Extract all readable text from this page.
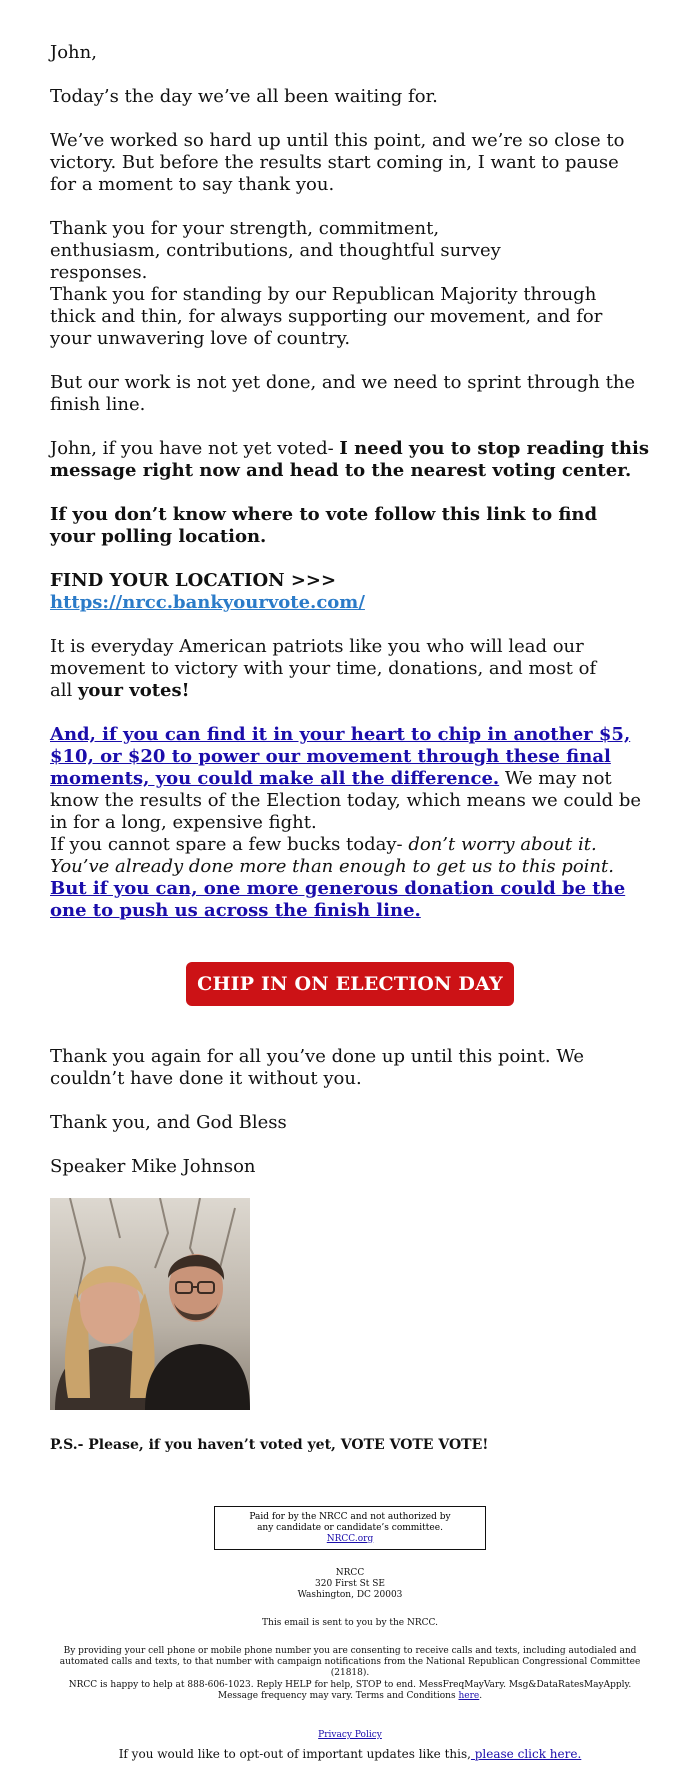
John,

Today’s the day we’ve all been waiting for.

We’ve worked so hard up until this point, and we’re so close to victory. But before the results start coming in, I want to pause for a moment to say thank you.

Thank you for your strength, commitment, enthusiasm, contributions, and thoughtful survey responses.

Thank you for standing by our Republican Majority through thick and thin, for always supporting our movement, and for your unwavering love of country.

But our work is not yet done, and we need to sprint through the finish line.

John, if you have not yet voted- I need you to stop reading this message right now and head to the nearest voting center.

If you don’t know where to vote follow this link to find your polling location.

FIND YOUR LOCATION >>>

https://nrcc.bankyourvote.com/

It is everyday American patriots like you who will lead our movement to victory with your time, donations, and most of all your votes!

And, if you can find it in your heart to chip in another $5, $10, or $20 to power our movement through these final moments, you could make all the difference. We may not know the results of the Election today, which means we could be in for a long, expensive fight.

If you cannot spare a few bucks today- don’t worry about it. You’ve already done more than enough to get us to this point. But if you can, one more generous donation could be the one to push us across the finish line.

CHIP IN ON ELECTION DAY

Thank you again for all you’ve done up until this point. We couldn’t have done it without you.

Thank you, and God Bless

Speaker Mike Johnson

P.S.- Please, if you haven’t voted yet, VOTE VOTE VOTE!

Paid for by the NRCC and not authorized by any candidate or candidate’s committee. NRCC.org
NRCC
320 First St SE
Washington, DC 20003
This email is sent to you by the NRCC.
By providing your cell phone or mobile phone number you are consenting to receive calls and texts, including autodialed and automated calls and texts, to that number with campaign notifications from the National Republican Congressional Committee (21818).
NRCC is happy to help at 888-606-1023. Reply HELP for help, STOP to end. MessFreqMayVary. Msg&DataRatesMayApply. Message frequency may vary. Terms and Conditions here.
Privacy Policy
If you would like to opt-out of important updates like this, please click here.
